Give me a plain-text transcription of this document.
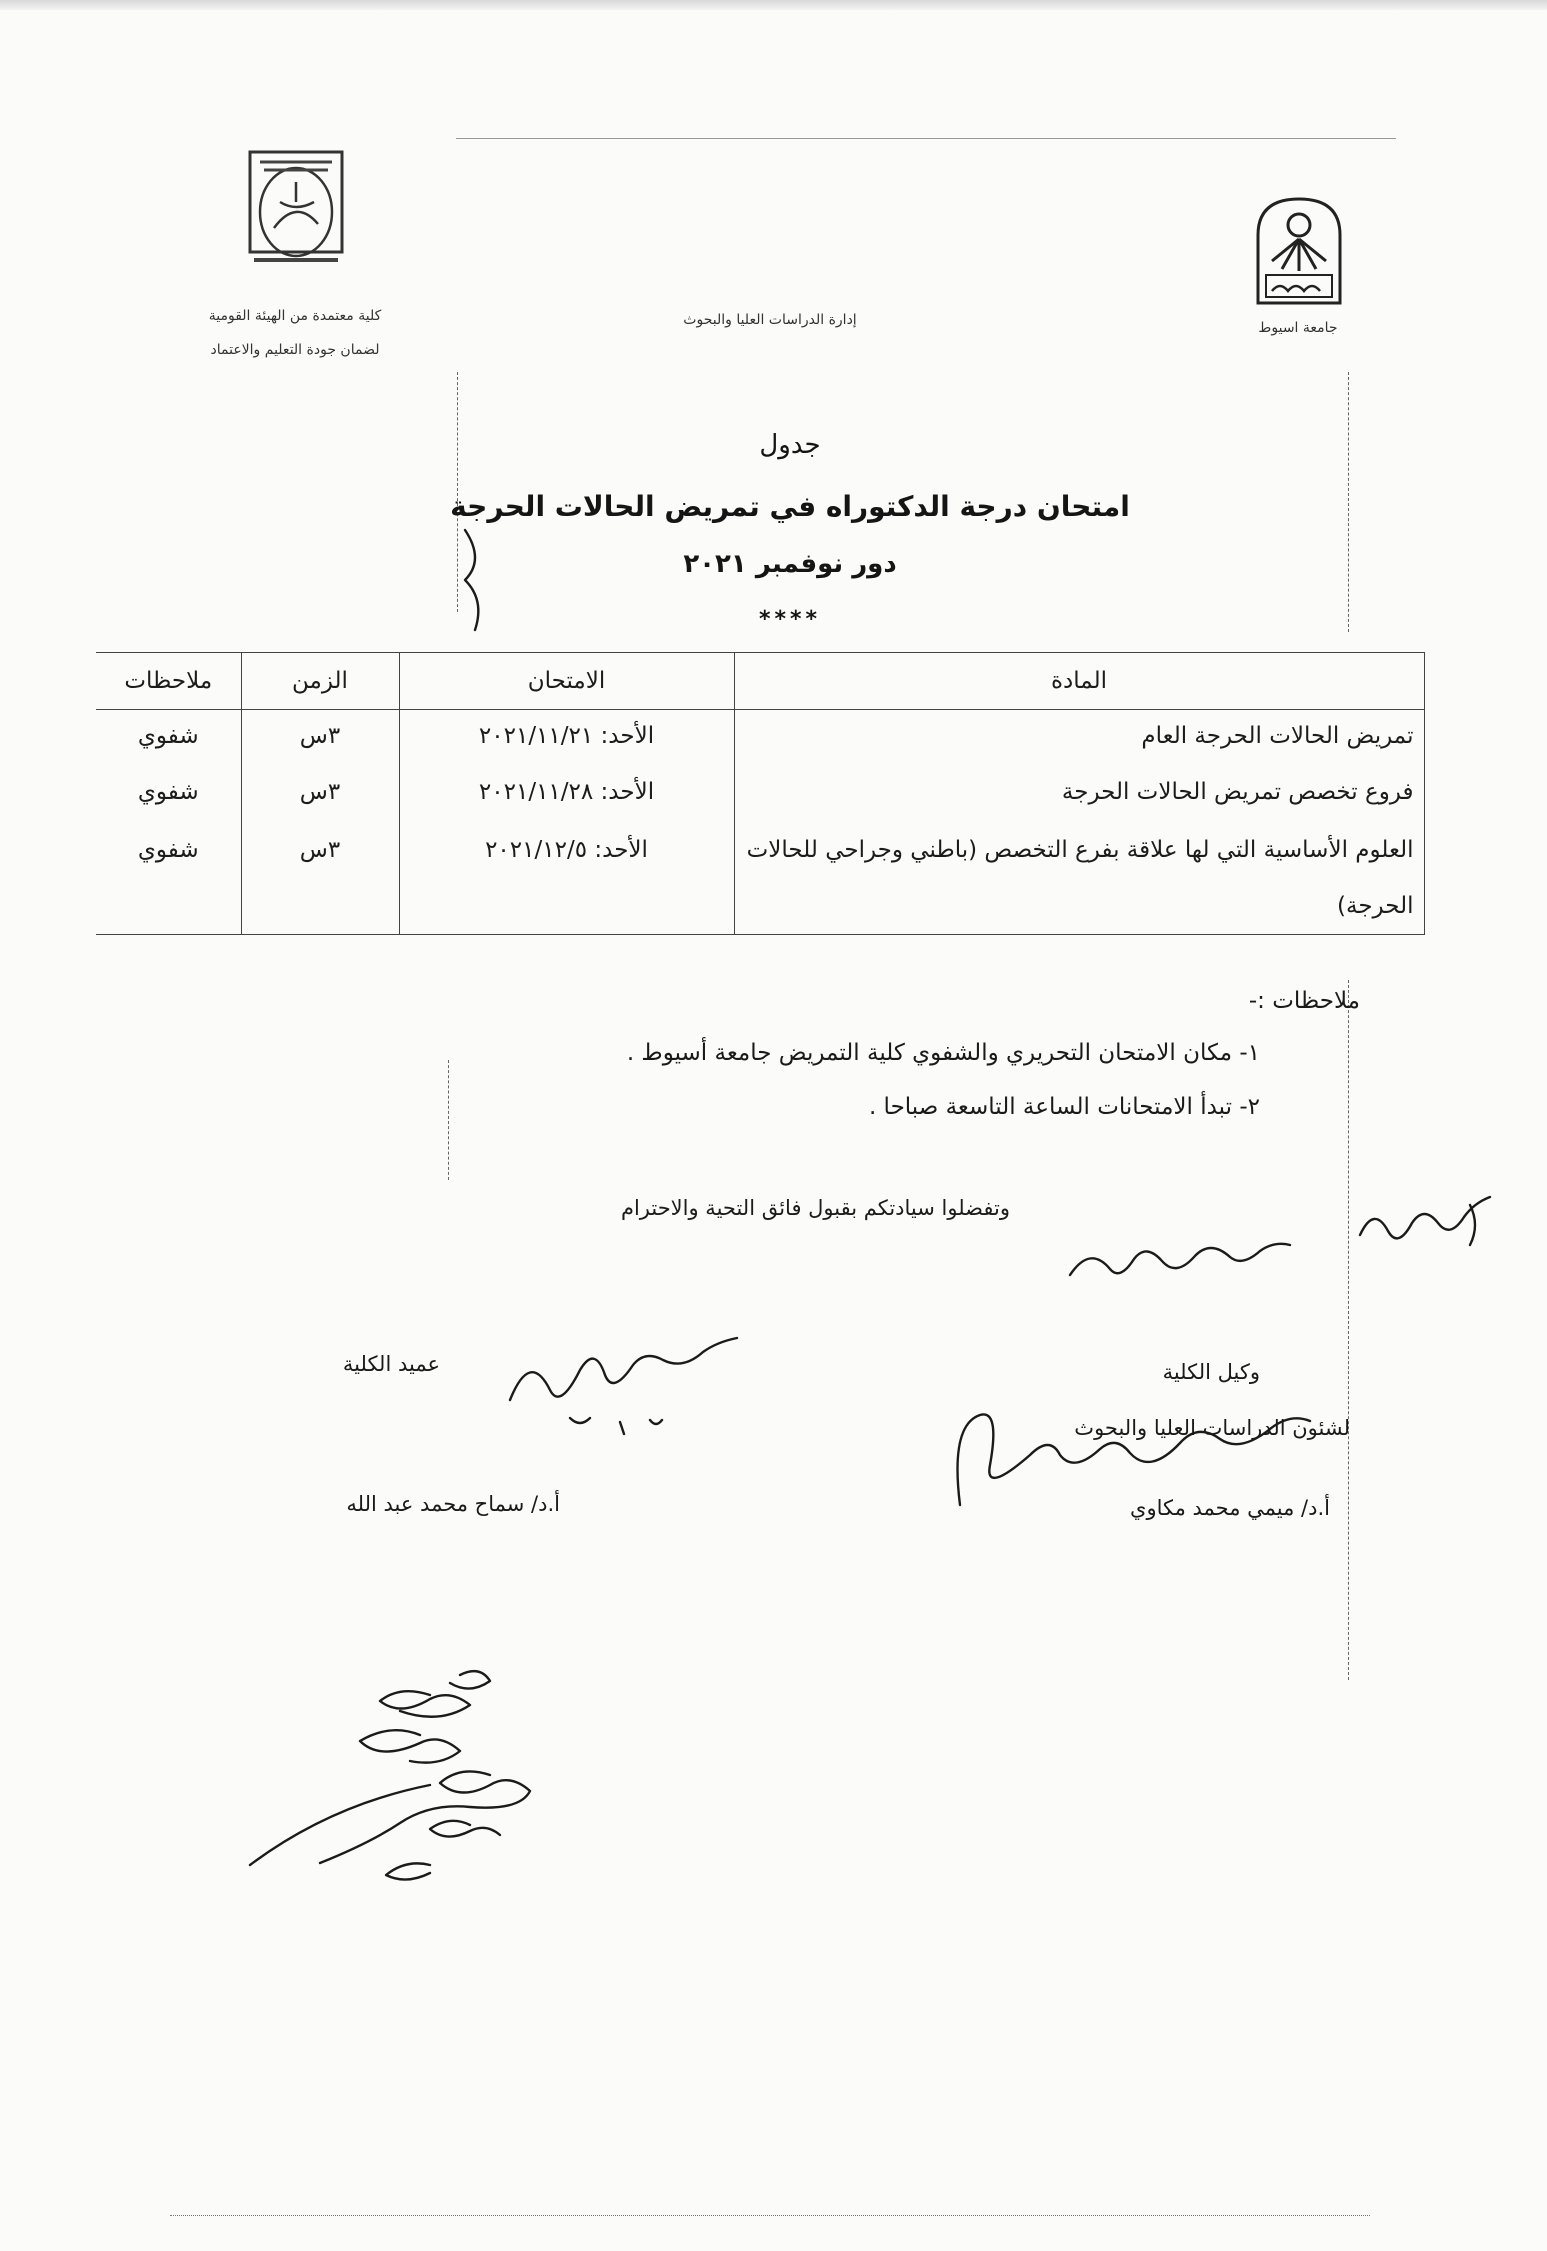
جامعة اسيوط
كلية معتمدة من الهيئة القومية
لضمان جودة التعليم والاعتماد
إدارة الدراسات العليا والبحوث
جدول
امتحان درجة الدكتوراه في تمريض الحالات الحرجة
دور نوفمبر ٢٠٢١
****
المادة	الامتحان	الزمن	ملاحظات
تمريض الحالات الحرجة العام	الأحد: ٢٠٢١/١١/٢١	٣س	شفوي
فروع تخصص تمريض الحالات الحرجة	الأحد: ٢٠٢١/١١/٢٨	٣س	شفوي
العلوم الأساسية التي لها علاقة بفرع التخصص (باطني وجراحي للحالات الحرجة)	الأحد: ٢٠٢١/١٢/٥	٣س	شفوي
ملاحظات :-
١- مكان الامتحان التحريري والشفوي كلية التمريض جامعة أسيوط .
٢- تبدأ الامتحانات الساعة التاسعة صباحا .
وتفضلوا سيادتكم بقبول فائق التحية والاحترام
عميد الكلية
أ.د/ سماح محمد عبد الله
وكيل الكلية
لشئون الدراسات العليا والبحوث
أ.د/ ميمي محمد مكاوي
